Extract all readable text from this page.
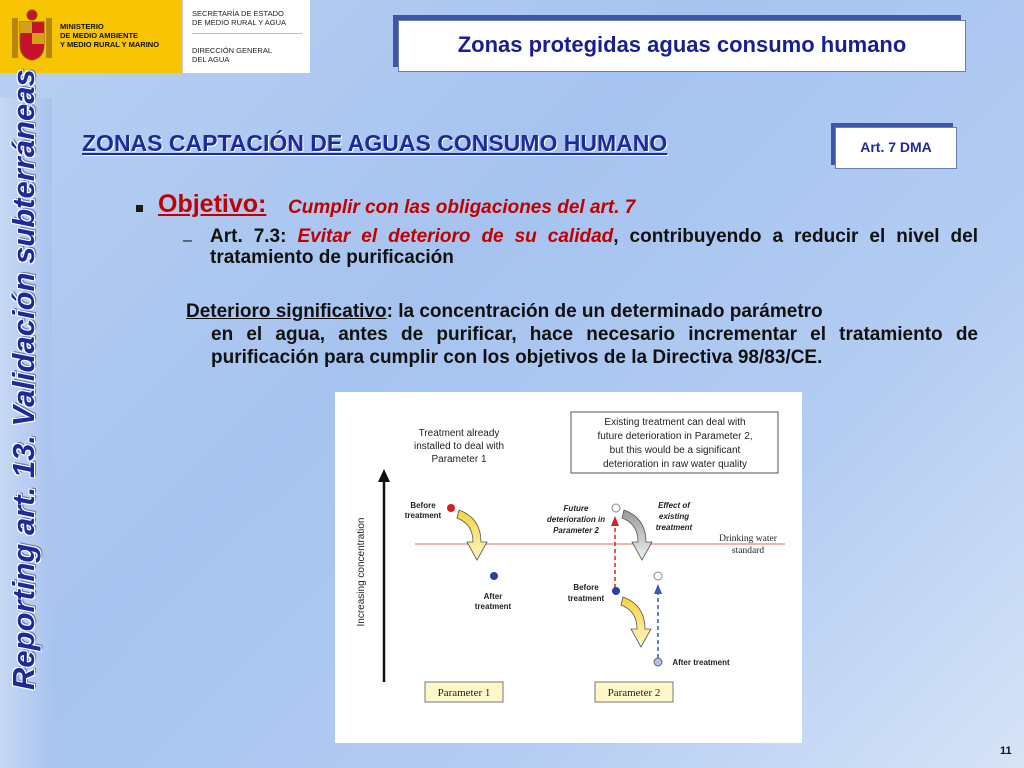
MINISTERIO
DE MEDIO AMBIENTE
Y MEDIO RURAL Y MARINO
SECRETARÍA DE ESTADO
DE MEDIO RURAL Y AGUA
DIRECCIÓN GENERAL
DEL AGUA
Zonas protegidas aguas consumo humano
Reporting art. 13. Validación subterráneas ZONAS CAPTACIÓN DE AGUAS CONSUMO HUMANO	Art. 7 DMA
Objetivo: Cumplir con las obligaciones del art. 7
– Art. 7.3: Evitar el deterioro de su calidad, contribuyendo a reducir el nivel del tratamiento de purificación
Deterioro significativo: la concentración de un determinado parámetro
en el agua, antes de purificar, hace necesario incrementar el tratamiento de purificación para cumplir con los objetivos de la Directiva 98/83/CE.
Treatment already
installed to deal with
Parameter 1
Existing treatment can deal with
future deterioration in Parameter 2,
but this would be a significant
deterioration in raw water quality
Increasing concentration	Drinking water
standard
Before
treatment
After
treatment
Future
deterioration in
Parameter 2
Effect of
existing
treatment
Before
treatment
After treatment
Parameter 1	Parameter 2
11
